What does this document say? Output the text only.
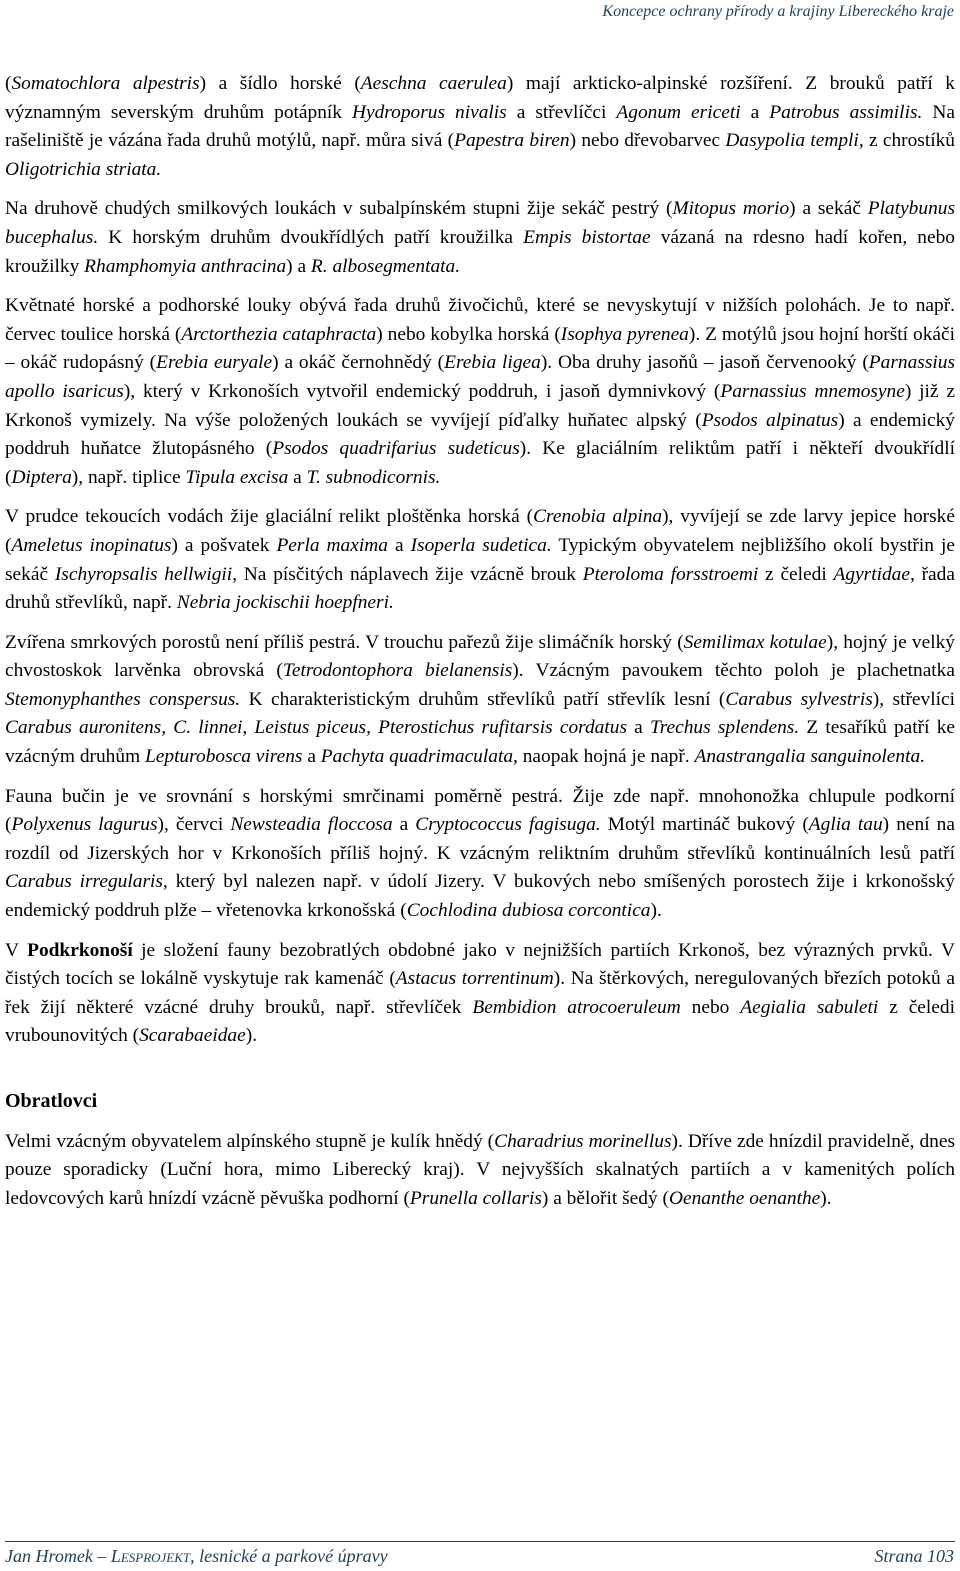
Koncepce ochrany přírody a krajiny Libereckého kraje

(Somatochlora alpestris) a šídlo horské (Aeschna caerulea) mají arkticko-alpinské rozšíření. Z brouků patří k významným severským druhům potápník Hydroporus nivalis a střevlíčci Agonum ericeti a Patrobus assimilis. Na rašeliniště je vázána řada druhů motýlů, např. můra sivá (Papestra biren) nebo dřevobarvec Dasypolia templi, z chrostíků Oligotrichia striata.

Na druhově chudých smilkových loukách v subalpínském stupni žije sekáč pestrý (Mitopus morio) a sekáč Platybunus bucephalus. K horským druhům dvoukřídlých patří kroužilka Empis bistortae vázaná na rdesno hadí kořen, nebo kroužilky Rhamphomyia anthracina) a R. albosegmentata.

Květnaté horské a podhorské louky obývá řada druhů živočichů, které se nevyskytují v nižších polohách. Je to např. červec toulice horská (Arctorthezia cataphracta) nebo kobylka horská (Isophya pyrenea). Z motýlů jsou hojní horští okáči – okáč rudopásný (Erebia euryale) a okáč černohnědý (Erebia ligea). Oba druhy jasoňů – jasoň červenooký (Parnassius apollo isaricus), který v Krkonoších vytvořil endemický poddruh, i jasoň dymnivkový (Parnassius mnemosyne) již z Krkonoš vymizely. Na výše položených loukách se vyvíjejí píďalky huňatec alpský (Psodos alpinatus) a endemický poddruh huňatce žlutopásného (Psodos quadrifarius sudeticus). Ke glaciálním reliktům patří i někteří dvoukřídlí (Diptera), např. tiplice Tipula excisa a T. subnodicornis.

V prudce tekoucích vodách žije glaciální relikt ploštěnka horská (Crenobia alpina), vyvíjejí se zde larvy jepice horské (Ameletus inopinatus) a pošvatek Perla maxima a Isoperla sudetica. Typickým obyvatelem nejbližšího okolí bystřin je sekáč Ischyropsalis hellwigii, Na písčitých náplavech žije vzácně brouk Pteroloma forsstroemi z čeledi Agyrtidae, řada druhů střevlíků, např. Nebria jockischii hoepfneri.

Zvířena smrkových porostů není příliš pestrá. V trouchu pařezů žije slimáčník horský (Semilimax kotulae), hojný je velký chvostoskok larvěnka obrovská (Tetrodontophora bielanensis). Vzácným pavoukem těchto poloh je plachetnatka Stemonyphanthes conspersus. K charakteristickým druhům střevlíků patří střevlík lesní (Carabus sylvestris), střevlíci Carabus auronitens, C. linnei, Leistus piceus, Pterostichus rufitarsis cordatus a Trechus splendens. Z tesaříků patří ke vzácným druhům Lepturobosca virens a Pachyta quadrimaculata, naopak hojná je např. Anastrangalia sanguinolenta.

Fauna bučin je ve srovnání s horskými smrčinami poměrně pestrá. Žije zde např. mnohonožka chlupule podkorní (Polyxenus lagurus), červci Newsteadia floccosa a Cryptococcus fagisuga. Motýl martináč bukový (Aglia tau) není na rozdíl od Jizerských hor v Krkonoších příliš hojný. K vzácným reliktním druhům střevlíků kontinuálních lesů patří Carabus irregularis, který byl nalezen např. v údolí Jizery. V bukových nebo smíšených porostech žije i krkonošský endemický poddruh plže – vřetenovka krkonošská (Cochlodina dubiosa corcontica).

V Podkrkonoší je složení fauny bezobratlých obdobné jako v nejnižších partiích Krkonoš, bez výrazných prvků. V čistých tocích se lokálně vyskytuje rak kamenáč (Astacus torrentinum). Na štěrkových, neregulovaných březích potoků a řek žijí některé vzácné druhy brouků, např. střevlíček Bembidion atrocoeruleum nebo Aegialia sabuleti z čeledi vrubounovitých (Scarabaeidae).

Obratlovci

Velmi vzácným obyvatelem alpínského stupně je kulík hnědý (Charadrius morinellus). Dříve zde hnízdil pravidelně, dnes pouze sporadicky (Luční hora, mimo Liberecký kraj). V nejvyšších skalnatých partiích a v kamenitých polích ledovcových karů hnízdí vzácně pěvuška podhorní (Prunella collaris) a bělořit šedý (Oenanthe oenanthe).

Jan Hromek – Lesprojekt, lesnické a parkové úpravy	Strana 103
